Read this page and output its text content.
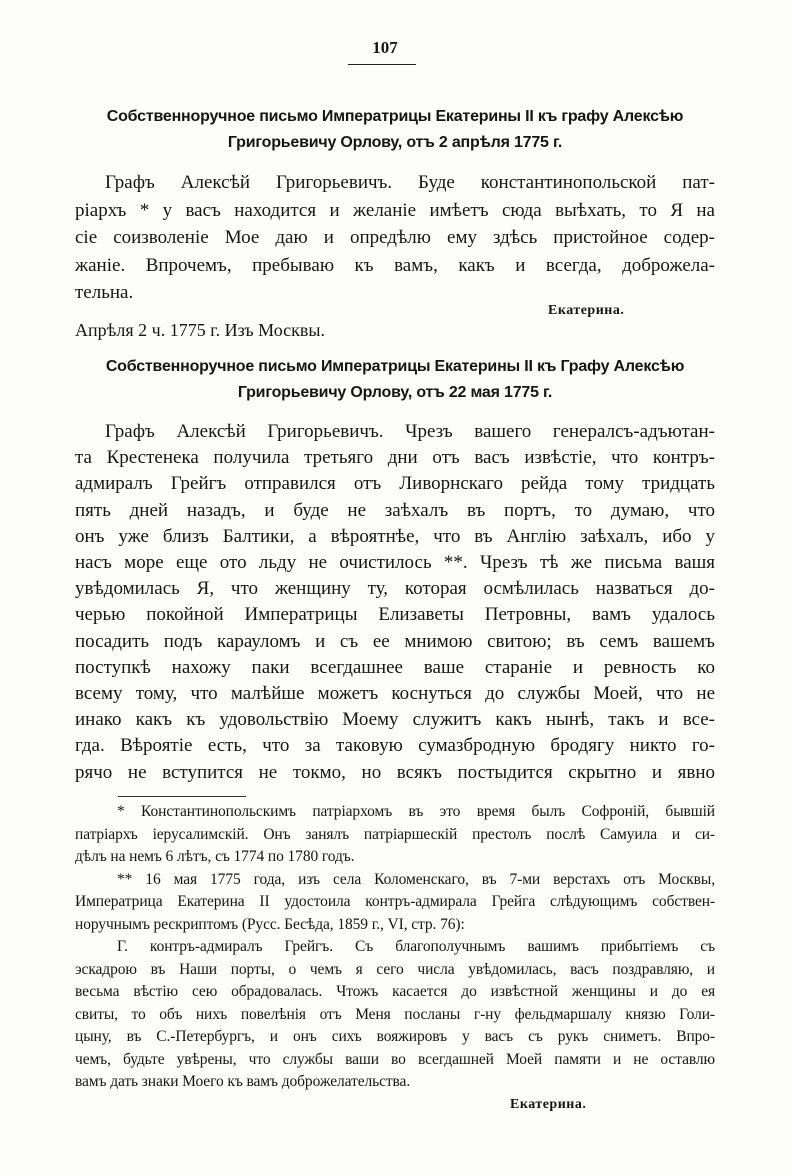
107
Собственноручное письмо Императрицы Екатерины II къ графу Алексѣю
Григорьевичу Орлову, отъ 2 апрѣля 1775 г.
Графъ Алексѣй Григорьевичъ. Буде константинопольской пат-
ріархъ * у васъ находится и желаніе имѣетъ сюда выѣхать, то Я на
сіе соизволеніе Мое даю и опредѣлю ему здѣсь пристойное содер-
жаніе. Впрочемъ, пребываю къ вамъ, какъ и всегда, доброжела-
тельна.
Екатерина.
Апрѣля 2 ч. 1775 г. Изъ Москвы.
Собственноручное письмо Императрицы Екатерины II къ Графу Алексѣю
Григорьевичу Орлову, отъ 22 мая 1775 г.
Графъ Алексѣй Григорьевичъ. Чрезъ вашего генералсъ-адъютан-
та Крестенека получила третьяго дни отъ васъ извѣстіе, что контръ-
адмиралъ Грейгъ отправился отъ Ливорнскаго рейда тому тридцать
пять дней назадъ, и буде не заѣхалъ въ портъ, то думаю, что
онъ уже близъ Балтики, а вѣроятнѣе, что въ Англію заѣхалъ, ибо у
насъ море еще ото льду не очистилось **. Чрезъ тѣ же письма вашя
увѣдомилась Я, что женщину ту, которая осмѣлилась назваться до-
черью покойной Императрицы Елизаветы Петровны, вамъ удалось
посадить подъ карауломъ и съ ее мнимою свитою; въ семъ вашемъ
поступкѣ нахожу паки всегдашнее ваше стараніе и ревность ко
всему тому, что малѣйше можетъ коснуться до службы Моей, что не
инако какъ къ удовольствію Моему служитъ какъ нынѣ, такъ и все-
гда. Вѣроятіе есть, что за таковую сумазбродную бродягу никто го-
рячо не вступится не токмо, но всякъ постыдится скрытно и явно
* Константинопольскимъ патріархомъ въ это время былъ Софроній, бывшій
патріархъ іерусалимскій. Онъ занялъ патріаршескій престолъ послѣ Самуила и си-
дѣлъ на немъ 6 лѣтъ, съ 1774 по 1780 годъ.
** 16 мая 1775 года, изъ села Коломенскаго, въ 7-ми верстахъ отъ Москвы,
Императрица Екатерина II удостоила контръ-адмирала Грейга слѣдующимъ собствен-
норучнымъ рескриптомъ (Русс. Бесѣда, 1859 г., VI, стр. 76):
Г. контръ-адмиралъ Грейгъ. Съ благополучнымъ вашимъ прибытіемъ съ
эскадрою въ Наши порты, о чемъ я сего числа увѣдомилась, васъ поздравляю, и
весьма вѣстію сею обрадовалась. Чтожъ касается до извѣстной женщины и до ея
свиты, то объ нихъ повелѣнія отъ Меня посланы г-ну фельдмаршалу князю Голи-
цыну, въ С.-Петербургъ, и онъ сихъ вояжировъ у васъ съ рукъ сниметъ. Впро-
чемъ, будьте увѣрены, что службы ваши во всегдашней Моей памяти и не оставлю
вамъ дать знаки Моего къ вамъ доброжелательства.
Екатерина.
